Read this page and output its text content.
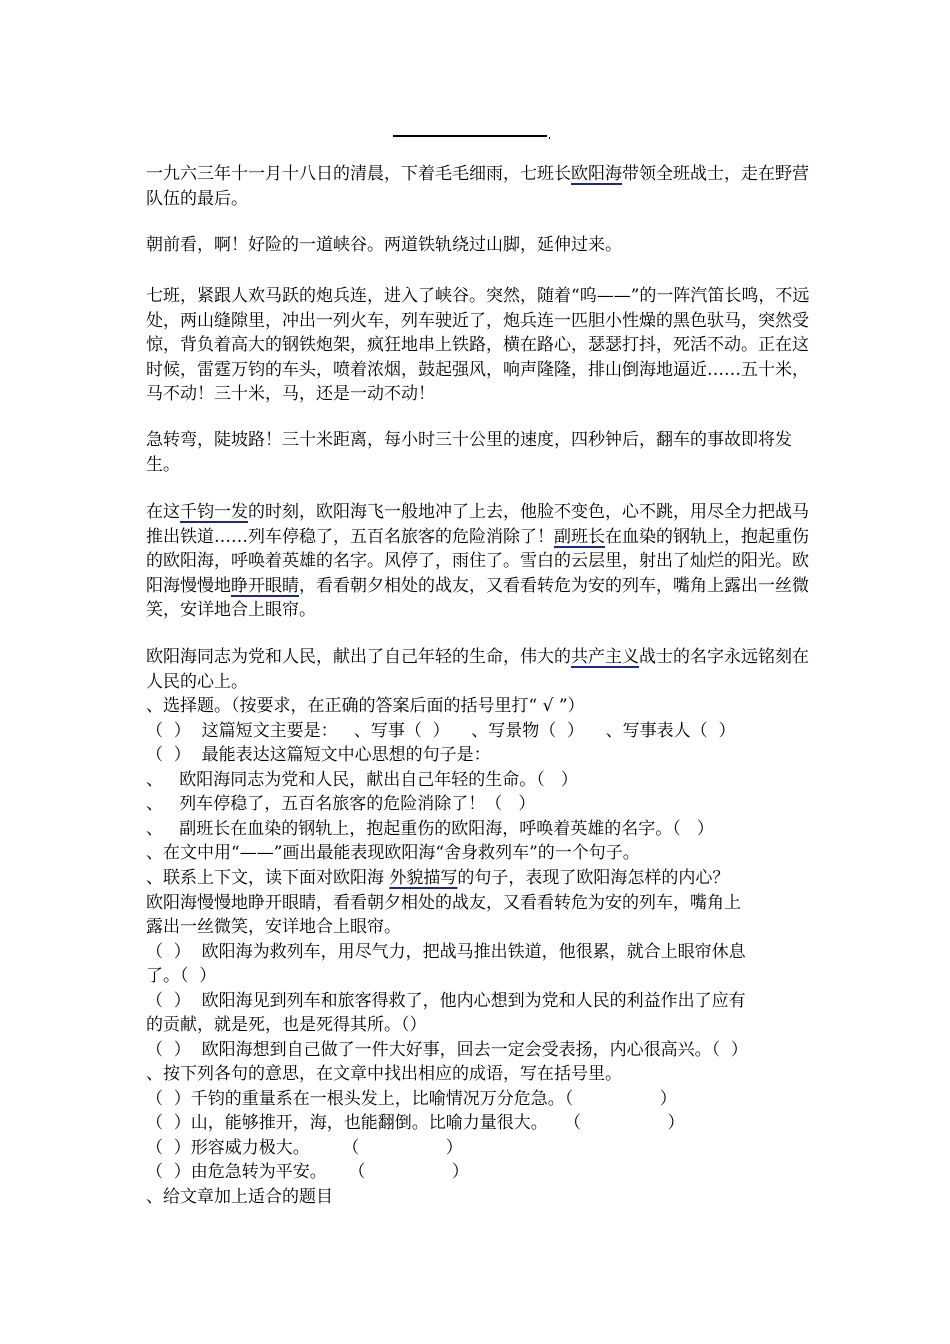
一九六三年十一月十八日的清晨，下着毛毛细雨，七班长欧阳海带领全班战士，走在野营队伍的最后。

朝前看，啊！好险的一道峡谷。两道铁轨绕过山脚，延伸过来。

七班，紧跟人欢马跃的炮兵连，进入了峡谷。突然，随着“呜——”的一阵汽笛长鸣，不远处，两山缝隙里，冲出一列火车，列车驶近了，炮兵连一匹胆小性燥的黑色驮马，突然受惊，背负着高大的钢铁炮架，疯狂地串上铁路，横在路心，瑟瑟打抖，死活不动。正在这时候，雷霆万钧的车头，喷着浓烟，鼓起强风，响声隆隆，排山倒海地逼近……五十米，马不动！三十米，马，还是一动不动！

急转弯，陡坡路！三十米距离，每小时三十公里的速度，四秒钟后，翻车的事故即将发生。

在这千钧一发的时刻，欧阳海飞一般地冲了上去，他脸不变色，心不跳，用尽全力把战马推出铁道……列车停稳了，五百名旅客的危险消除了！副班长在血染的钢轨上，抱起重伤的欧阳海，呼唤着英雄的名字。风停了，雨住了。雪白的云层里，射出了灿烂的阳光。欧阳海慢慢地睁开眼睛，看看朝夕相处的战友，又看看转危为安的列车，嘴角上露出一丝微笑，安详地合上眼帘。

欧阳海同志为党和人民，献出了自己年轻的生命，伟大的共产主义战士的名字永远铭刻在人民的心上。

、选择题。（按要求，在正确的答案后面的括号里打“ √ ”）
（  ）  这篇短文主要是：   、写事（  ）    、写景物（  ）    、写事表人（  ）
（  ）  最能表达这篇短文中心思想的句子是：
、   欧阳海同志为党和人民，献出自己年轻的生命。（   ）
、   列车停稳了，五百名旅客的危险消除了！（   ）
、   副班长在血染的钢轨上，抱起重伤的欧阳海，呼唤着英雄的名字。（   ）
、在文中用“——”画出最能表现欧阳海“舍身救列车”的一个句子。
、联系上下文，读下面对欧阳海 外貌描写的句子，表现了欧阳海怎样的内心？
欧阳海慢慢地睁开眼睛，看看朝夕相处的战友，又看看转危为安的列车，嘴角上
露出一丝微笑，安详地合上眼帘。
（  ）  欧阳海为救列车，用尽气力，把战马推出铁道，他很累，就合上眼帘休息
了。（  ）
（  ）  欧阳海见到列车和旅客得救了，他内心想到为党和人民的利益作出了应有
的贡献，就是死，也是死得其所。（）
（  ）  欧阳海想到自己做了一件大好事，回去一定会受表扬，内心很高兴。（  ）
、按下列各句的意思，在文章中找出相应的成语，写在括号里。
（  ）千钧的重量系在一根头发上，比喻情况万分危急。（                ）
（  ）山，能够推开，海，也能翻倒。比喻力量很大。   （                ）
（  ）形容威力极大。      （                ）
（  ）由危急转为平安。    （                ）
、给文章加上适合的题目
